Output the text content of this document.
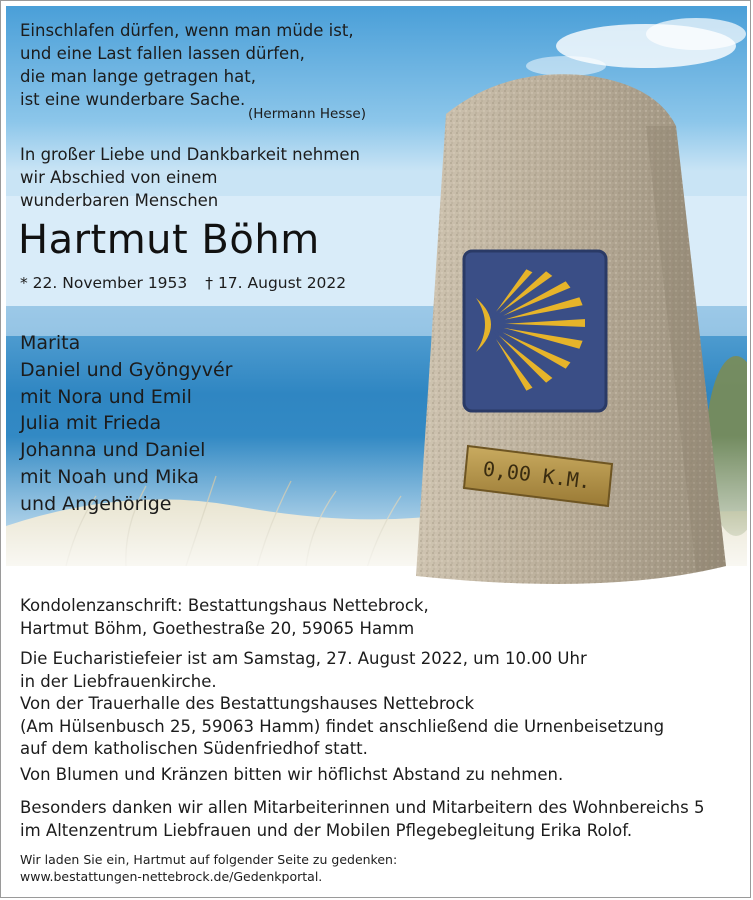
0,00 K.M.
Einschlafen dürfen, wenn man müde ist,
und eine Last fallen lassen dürfen,
die man lange getragen hat,
ist eine wunderbare Sache.
(Hermann Hesse)
In großer Liebe und Dankbarkeit nehmen
wir Abschied von einem
wunderbaren Menschen
Hartmut Böhm
* 22. November 1953 † 17. August 2022
Marita
Daniel und Gyöngyvér
mit Nora und Emil
Julia mit Frieda
Johanna und Daniel
mit Noah und Mika
und Angehörige
Kondolenzanschrift: Bestattungshaus Nettebrock,
Hartmut Böhm, Goethestraße 20, 59065 Hamm
Die Eucharistiefeier ist am Samstag, 27. August 2022, um 10.00 Uhr
in der Liebfrauenkirche.
Von der Trauerhalle des Bestattungshauses Nettebrock
(Am Hülsenbusch 25, 59063 Hamm) findet anschließend die Urnenbeisetzung
auf dem katholischen Südenfriedhof statt.
Von Blumen und Kränzen bitten wir höflichst Abstand zu nehmen.
Besonders danken wir allen Mitarbeiterinnen und Mitarbeitern des Wohnbereichs 5
im Altenzentrum Liebfrauen und der Mobilen Pflegebegleitung Erika Rolof.
Wir laden Sie ein, Hartmut auf folgender Seite zu gedenken:
www.bestattungen-nettebrock.de/Gedenkportal.
